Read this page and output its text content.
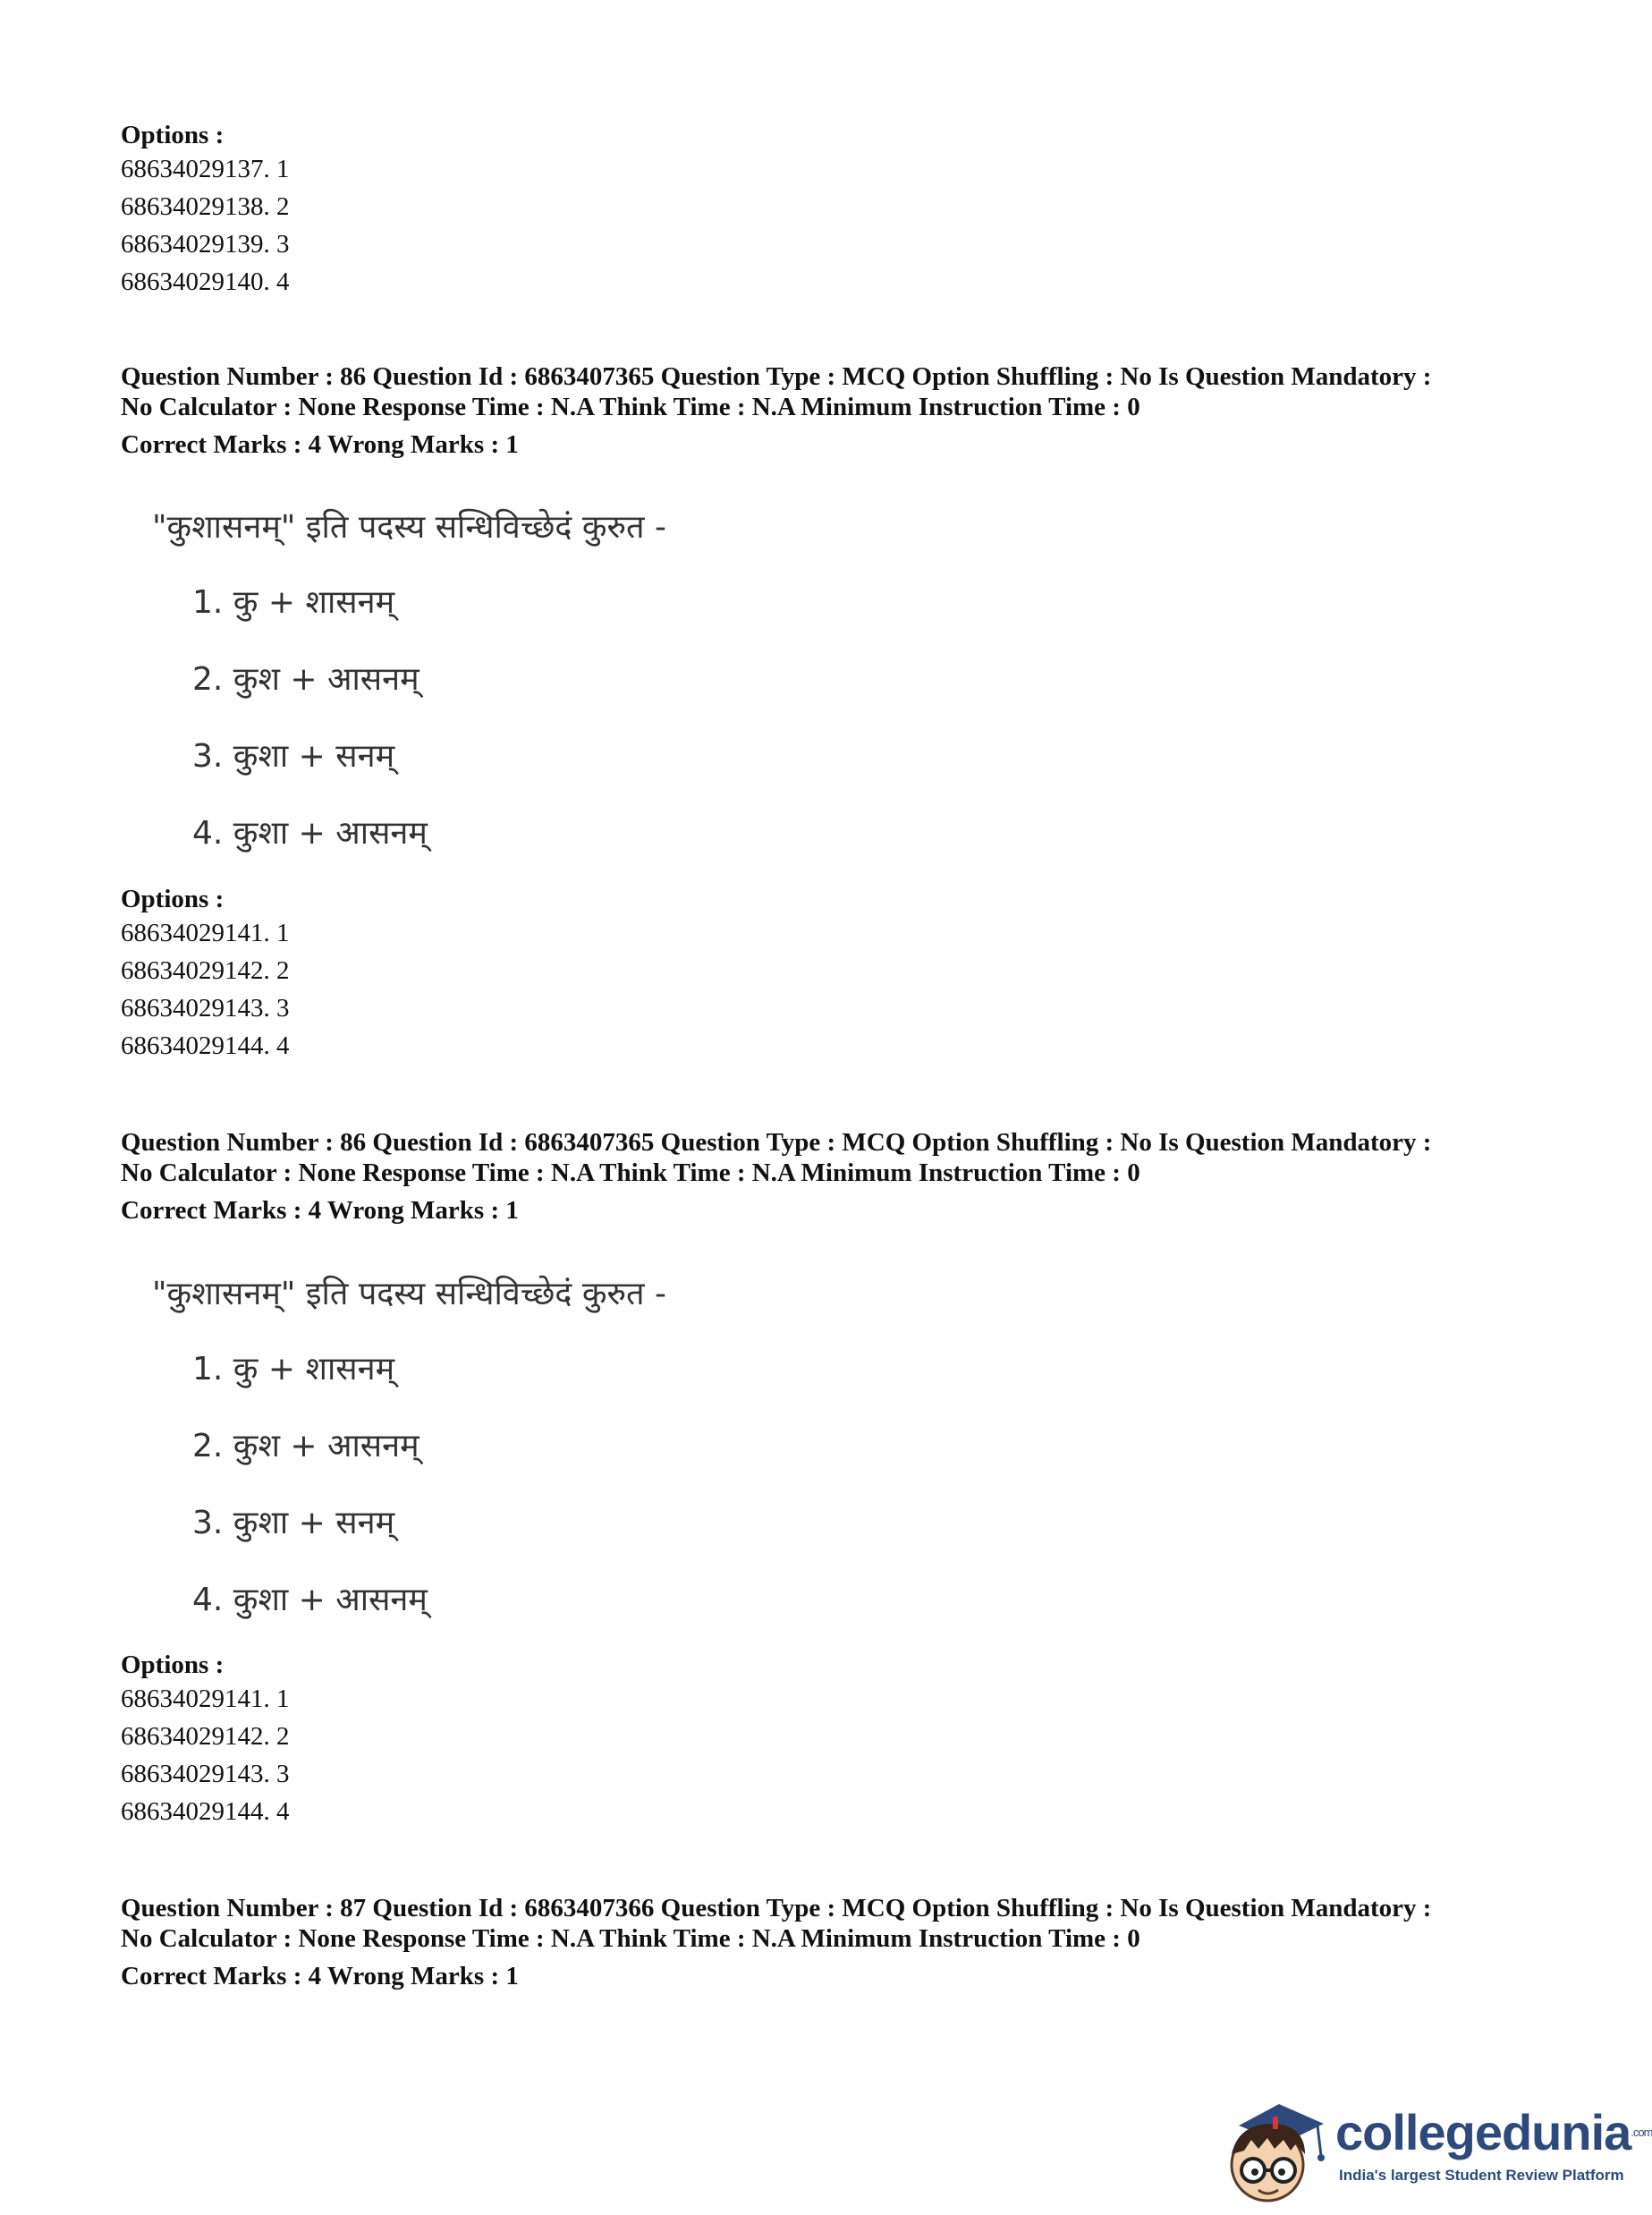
Options :
68634029137. 1
68634029138. 2
68634029139. 3
68634029140. 4
Question Number : 86 Question Id : 6863407365 Question Type : MCQ Option Shuffling : No Is Question Mandatory :
No Calculator : None Response Time : N.A Think Time : N.A Minimum Instruction Time : 0
Correct Marks : 4 Wrong Marks : 1
"कुशासनम्" इति पदस्य सन्धिविच्छेदं कुरुत -
1. कु + शासनम्
2. कुश + आसनम्
3. कुशा + सनम्
4. कुशा + आसनम्
Options :
68634029141. 1
68634029142. 2
68634029143. 3
68634029144. 4
Question Number : 86 Question Id : 6863407365 Question Type : MCQ Option Shuffling : No Is Question Mandatory :
No Calculator : None Response Time : N.A Think Time : N.A Minimum Instruction Time : 0
Correct Marks : 4 Wrong Marks : 1
"कुशासनम्" इति पदस्य सन्धिविच्छेदं कुरुत -
1. कु + शासनम्
2. कुश + आसनम्
3. कुशा + सनम्
4. कुशा + आसनम्
Options :
68634029141. 1
68634029142. 2
68634029143. 3
68634029144. 4
Question Number : 87 Question Id : 6863407366 Question Type : MCQ Option Shuffling : No Is Question Mandatory :
No Calculator : None Response Time : N.A Think Time : N.A Minimum Instruction Time : 0
Correct Marks : 4 Wrong Marks : 1
collegedunia$^{.com}$
India's largest Student Review Platform
